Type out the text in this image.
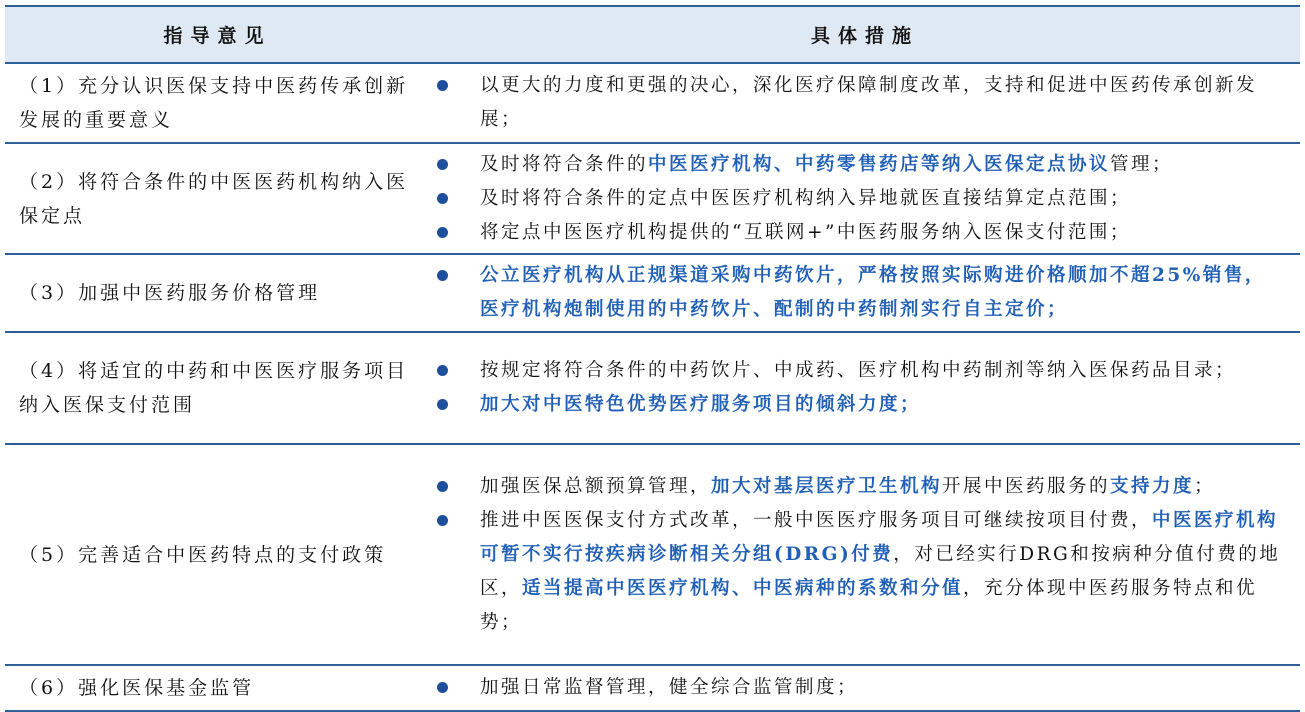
指导意见	具体措施
（1）充分认识医保支持中医药传承创新发展的重要意义	以更大的力度和更强的决心，深化医疗保障制度改革，支持和促进中医药传承创新发展；

（2）将符合条件的中医医药机构纳入医保定点	及时将符合条件的中医医疗机构、中药零售药店等纳入医保定点协议管理；
及时将符合条件的定点中医医疗机构纳入异地就医直接结算定点范围；
将定点中医医疗机构提供的“互联网+”中医药服务纳入医保支付范围；

（3）加强中医药服务价格管理	公立医疗机构从正规渠道采购中药饮片，严格按照实际购进价格顺加不超25%销售，医疗机构炮制使用的中药饮片、配制的中药制剂实行自主定价；

（4）将适宜的中药和中医医疗服务项目纳入医保支付范围	按规定将符合条件的中药饮片、中成药、医疗机构中药制剂等纳入医保药品目录；
加大对中医特色优势医疗服务项目的倾斜力度；

（5）完善适合中医药特点的支付政策	加强医保总额预算管理，加大对基层医疗卫生机构开展中医药服务的支持力度；
推进中医医保支付方式改革，一般中医医疗服务项目可继续按项目付费，中医医疗机构可暂不实行按疾病诊断相关分组(DRG)付费，对已经实行DRG和按病种分值付费的地区，适当提高中医医疗机构、中医病种的系数和分值，充分体现中医药服务特点和优势；

（6）强化医保基金监管	加强日常监督管理，健全综合监管制度；
